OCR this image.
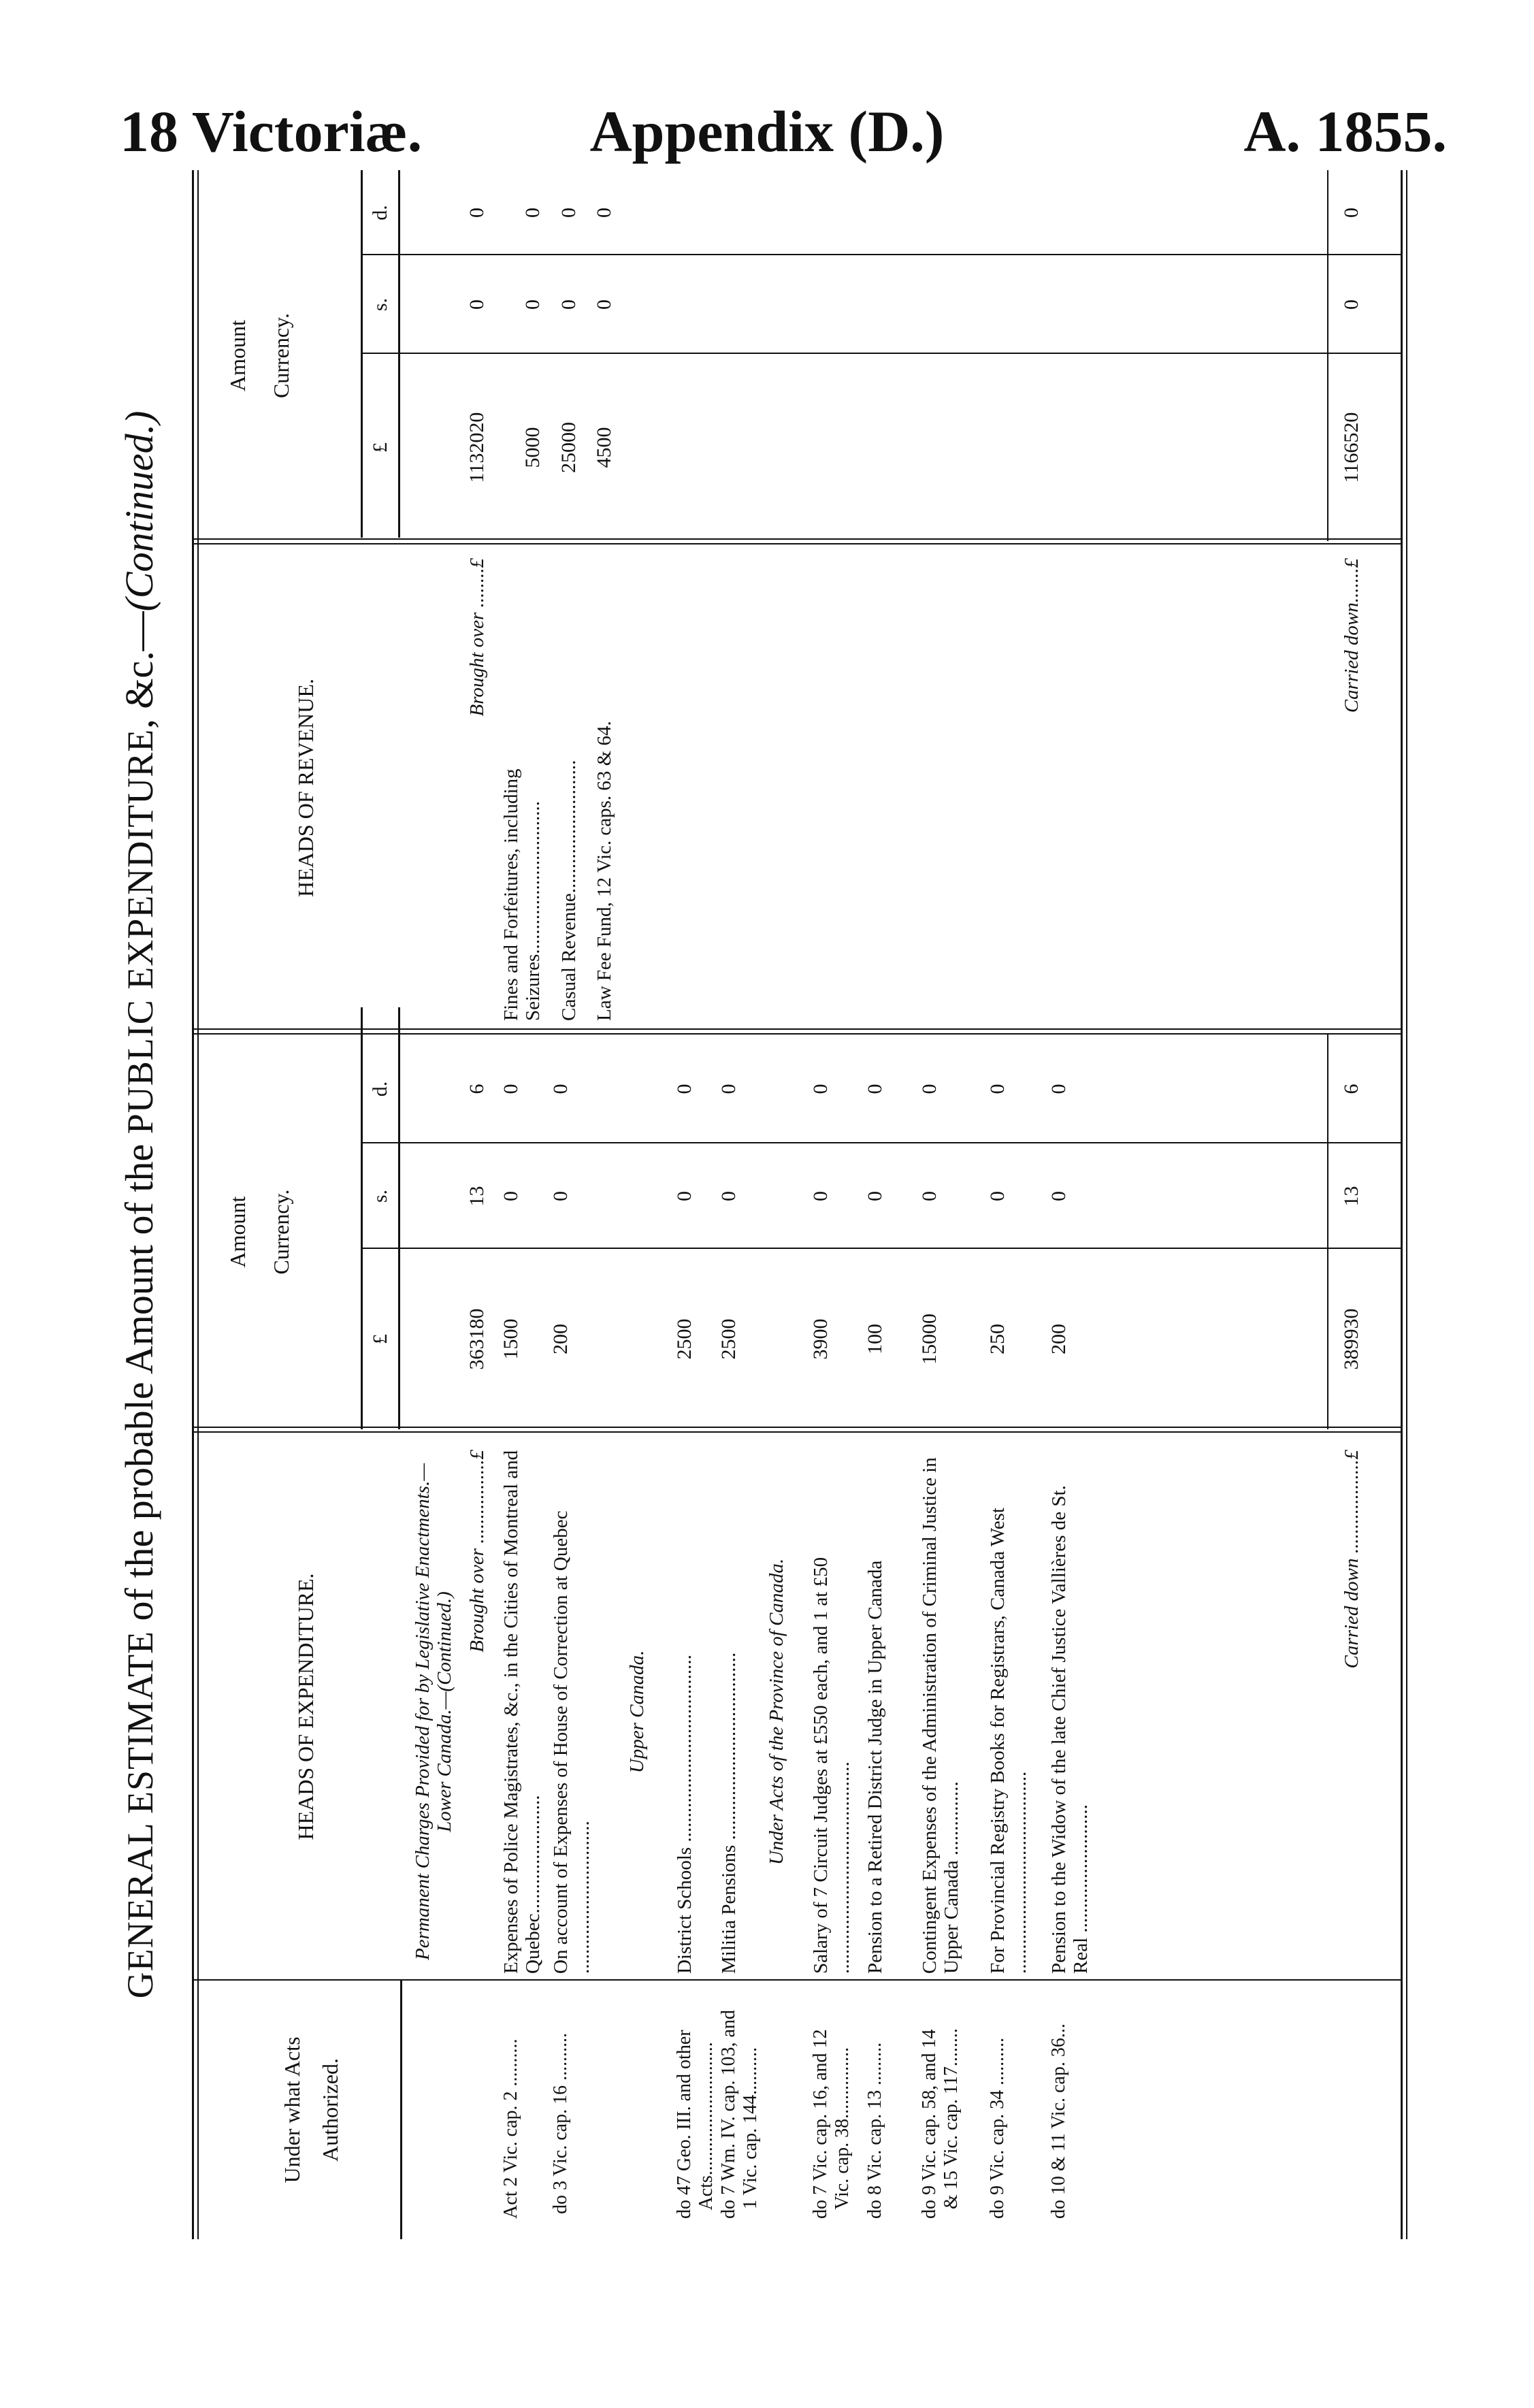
18 Victoriæ.	Appendix (D.)	A. 1855.
GENERAL ESTIMATE of the probable Amount of the PUBLIC EXPENDITURE, &c.—(Continued.)
Under what Acts Authorized.
HEADS OF EXPENDITURE.
Amount Currency.
HEADS OF REVENUE.
Amount Currency.
£
s.
d.
£
s.
d.
Permanent Charges Provided for by Legislative Enactments.—Lower Canada.—(Continued.)
Brought over .................£
363180
13
6
Act 2 Vic. cap. 2 ..........
Expenses of Police Magistrates, &c., in the Cities of Montreal and Quebec........................
1500
0
0
do 3 Vic. cap. 16 ..........
On account of Expenses of House of Correction at Quebec ...............................
200
0
0
Upper Canada.
do 47 Geo. III. and other
Acts............................
District Schools ......................................
2500
0
0
do 7 Wm. IV. cap. 103, and
1 Vic. cap. 144..........
Militia Pensions ......................................
2500
0
0
Under Acts of the Province of Canada.
do 7 Vic. cap. 16, and 12
Vic. cap. 38...............
Salary of 7 Circuit Judges at £550 each, and 1 at £50 ...........................................
3900
0
0
do 8 Vic. cap. 13 .........
Pension to a Retired District Judge in Upper Canada
100
0
0
do 9 Vic. cap. 58, and 14
& 15 Vic. cap. 117........
Contingent Expenses of the Administration of Criminal Justice in Upper Canada ...............
15000
0
0
do 9 Vic. cap. 34 ..........
For Provincial Registry Books for Registrars, Canada West .........................................
250
0
0
do 10 & 11 Vic. cap. 36...
Pension to the Widow of the late Chief Justice Vallières de St. Real ..........................
200
0
0
Carried down ...................£
389930
13
6
Brought over ........£
1132020
0
0
Fines and Forfeitures, including Seizures...............................
5000
0
0
Casual Revenue...........................
25000
0
0
Law Fee Fund, 12 Vic. caps. 63 & 64.
4500
0
0
Carried down.......£
1166520
0
0
